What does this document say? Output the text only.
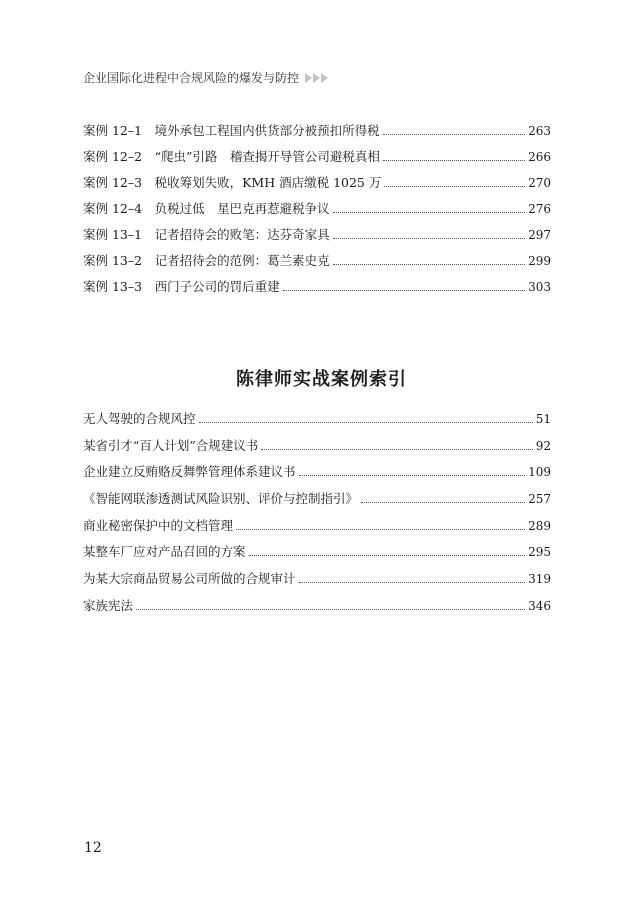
企业国际化进程中合规风险的爆发与防控
案例 12–1　境外承包工程国内供货部分被预扣所得税	263
案例 12–2　“爬虫”引路　稽查揭开导管公司避税真相	266
案例 12–3　税收筹划失败，KMH 酒店缴税 1025 万	270
案例 12–4　负税过低　星巴克再惹避税争议	276
案例 13–1　记者招待会的败笔：达芬奇家具	297
案例 13–2　记者招待会的范例：葛兰素史克	299
案例 13–3　西门子公司的罚后重建	303
陈律师实战案例索引
无人驾驶的合规风控	51
某省引才“百人计划”合规建议书	92
企业建立反贿赂反舞弊管理体系建议书	109
《智能网联渗透测试风险识别、评价与控制指引》	257
商业秘密保护中的文档管理	289
某整车厂应对产品召回的方案	295
为某大宗商品贸易公司所做的合规审计	319
家族宪法	346
12
